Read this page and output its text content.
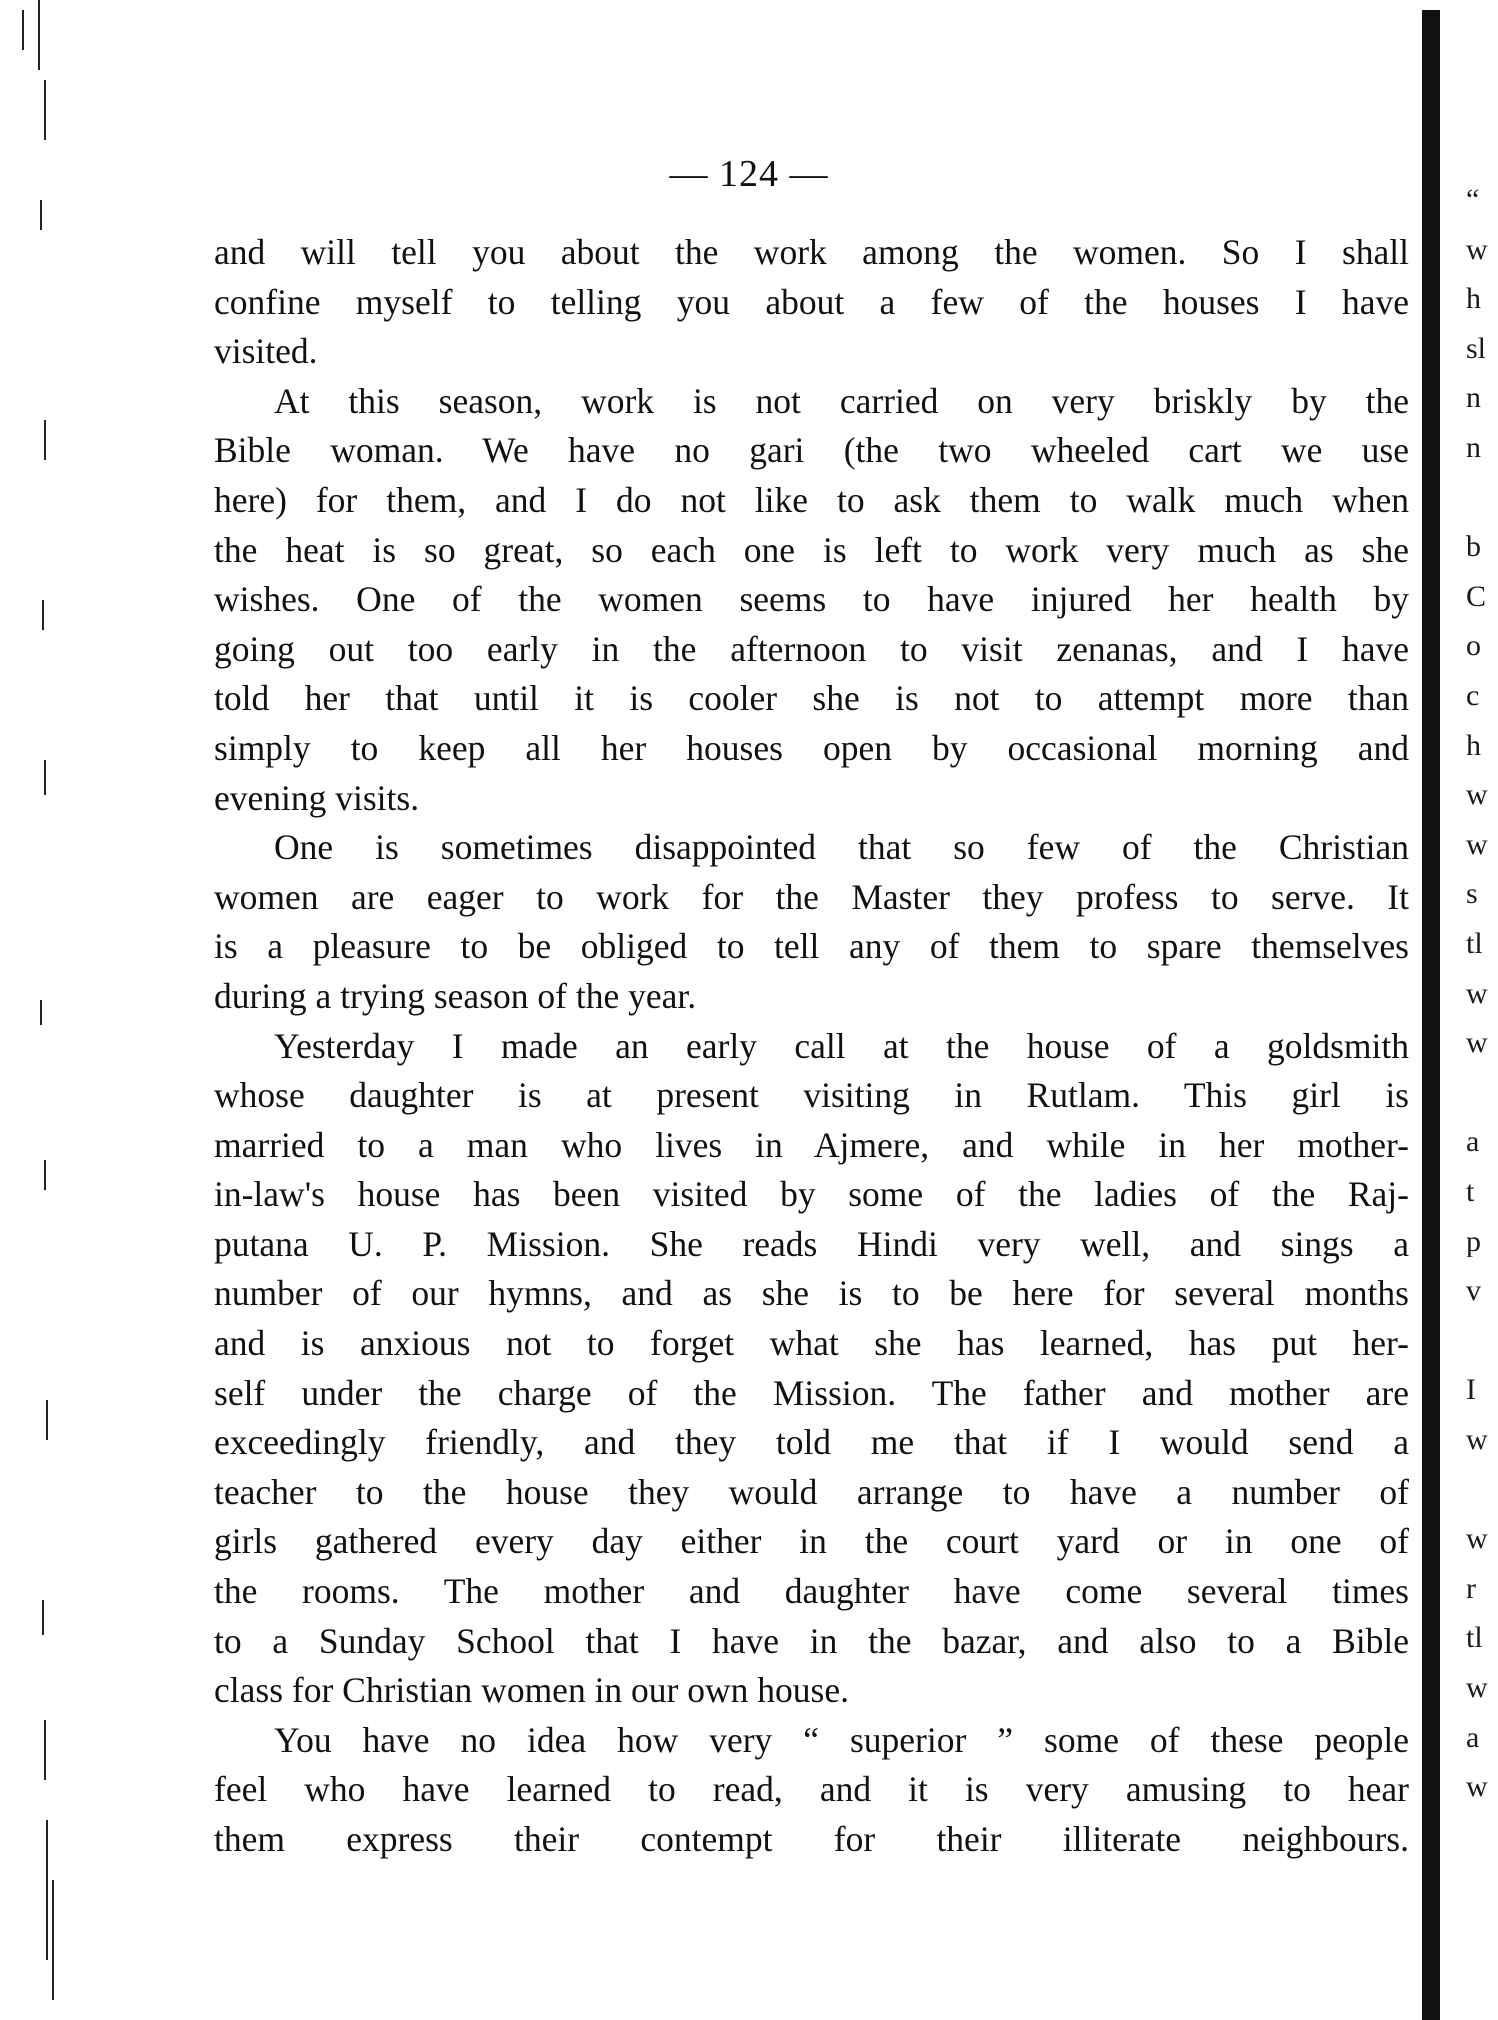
— 124 —
and will tell you about the work among the women. So I shall
confine myself to telling you about a few of the houses I have
visited.
At this season, work is not carried on very briskly by the
Bible woman. We have no gari (the two wheeled cart we use
here) for them, and I do not like to ask them to walk much when
the heat is so great, so each one is left to work very much as she
wishes. One of the women seems to have injured her health by
going out too early in the afternoon to visit zenanas, and I have
told her that until it is cooler she is not to attempt more than
simply to keep all her houses open by occasional morning and
evening visits.
One is sometimes disappointed that so few of the Christian
women are eager to work for the Master they profess to serve. It
is a pleasure to be obliged to tell any of them to spare themselves
during a trying season of the year.
Yesterday I made an early call at the house of a goldsmith
whose daughter is at present visiting in Rutlam. This girl is
married to a man who lives in Ajmere, and while in her mother-
in-law's house has been visited by some of the ladies of the Raj-
putana U. P. Mission. She reads Hindi very well, and sings a
number of our hymns, and as she is to be here for several months
and is anxious not to forget what she has learned, has put her-
self under the charge of the Mission. The father and mother are
exceedingly friendly, and they told me that if I would send a
teacher to the house they would arrange to have a number of
girls gathered every day either in the court yard or in one of
the rooms. The mother and daughter have come several times
to a Sunday School that I have in the bazar, and also to a Bible
class for Christian women in our own house.
You have no idea how very “ superior ” some of these people
feel who have learned to read, and it is very amusing to hear
them express their contempt for their illiterate neighbours.
“
w
h
sl
n
n
b
C
o
c
h
w
w
s
tl
w
w
a
t
p
v
I
w
w
r
tl
w
a
w
